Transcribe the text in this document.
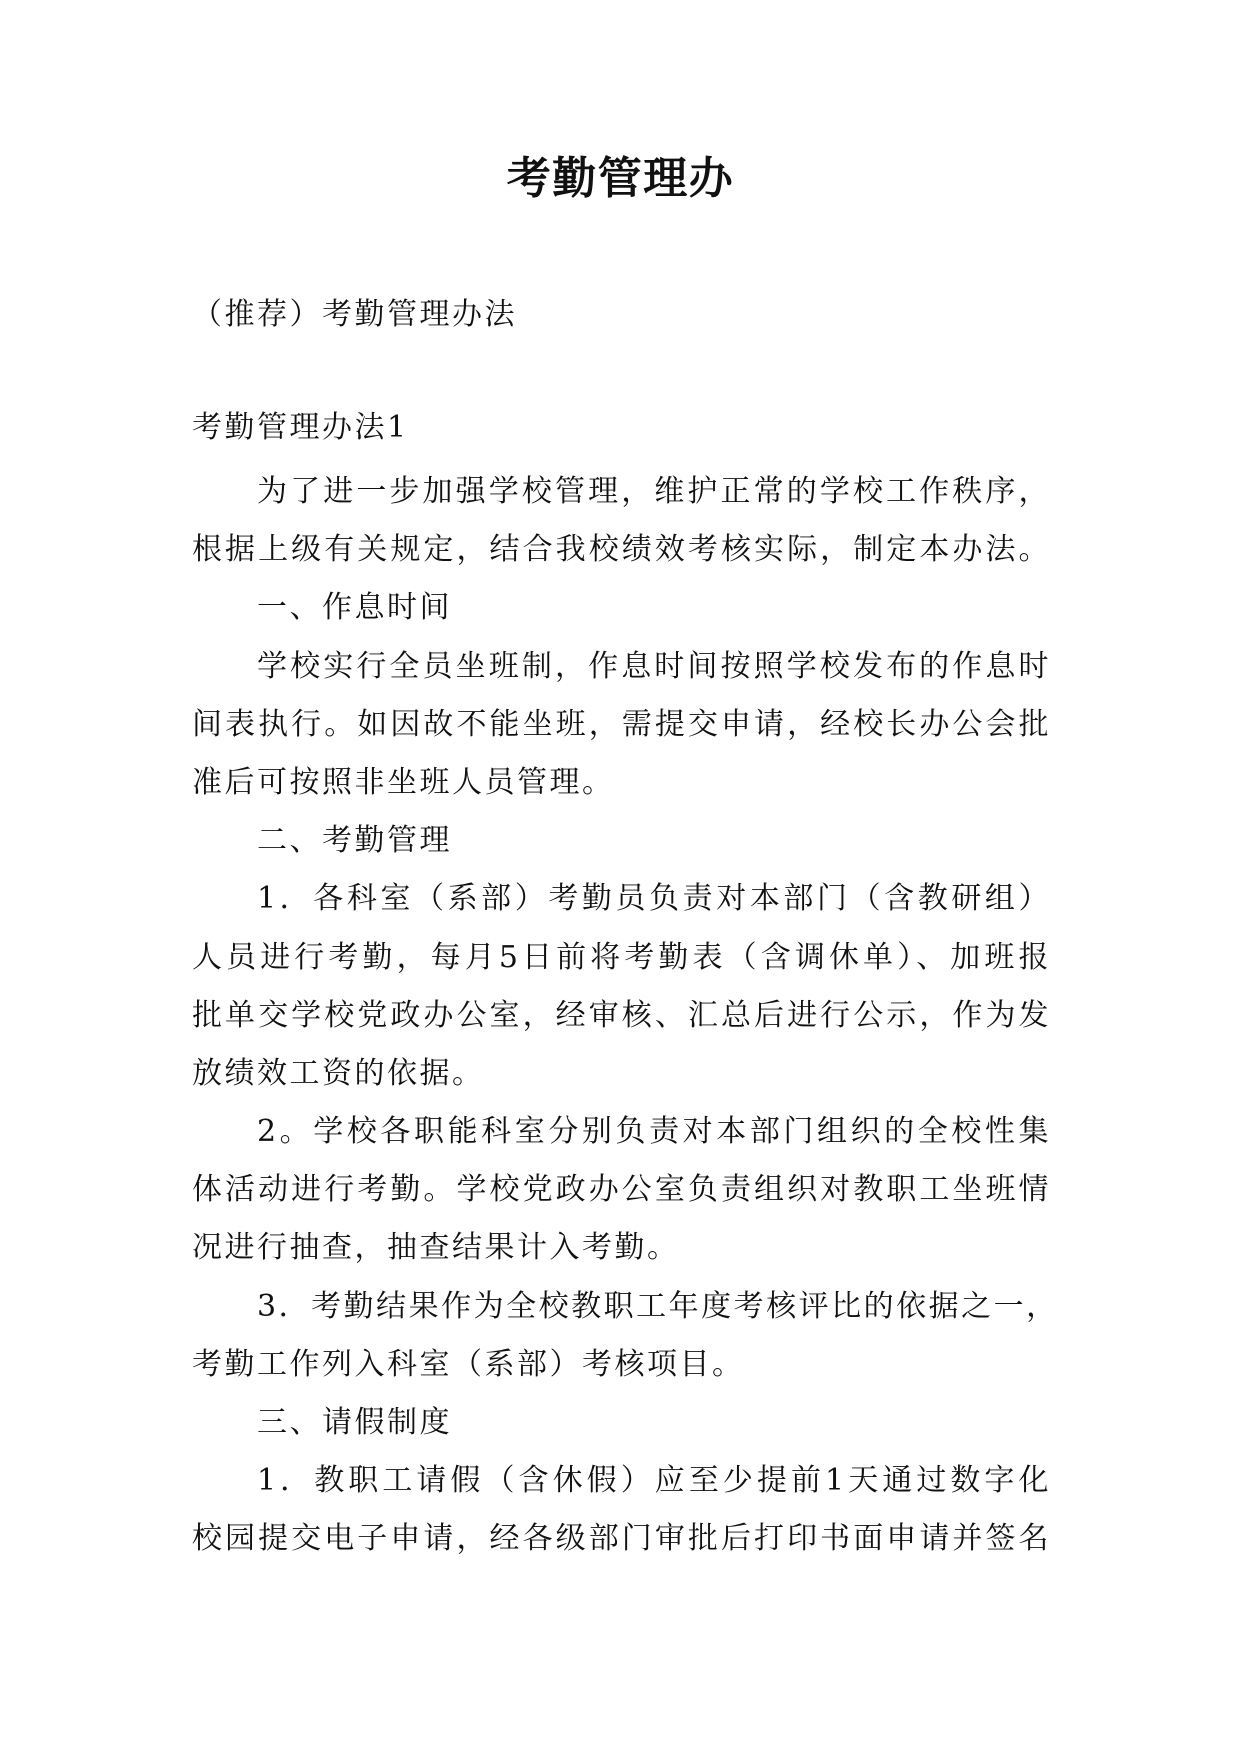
考勤管理办
（推荐）考勤管理办法
考勤管理办法1
为了进一步加强学校管理，维护正常的学校工作秩序，
根据上级有关规定，结合我校绩效考核实际，制定本办法。
一、作息时间
学校实行全员坐班制，作息时间按照学校发布的作息时
间表执行。如因故不能坐班，需提交申请，经校长办公会批
准后可按照非坐班人员管理。
二、考勤管理
1．各科室（系部）考勤员负责对本部门（含教研组）
人员进行考勤，每月5日前将考勤表（含调休单）、加班报
批单交学校党政办公室，经审核、汇总后进行公示，作为发
放绩效工资的依据。
2。学校各职能科室分别负责对本部门组织的全校性集
体活动进行考勤。学校党政办公室负责组织对教职工坐班情
况进行抽查，抽查结果计入考勤。
3．考勤结果作为全校教职工年度考核评比的依据之一，
考勤工作列入科室（系部）考核项目。
三、请假制度
1．教职工请假（含休假）应至少提前1天通过数字化
校园提交电子申请，经各级部门审批后打印书面申请并签名
